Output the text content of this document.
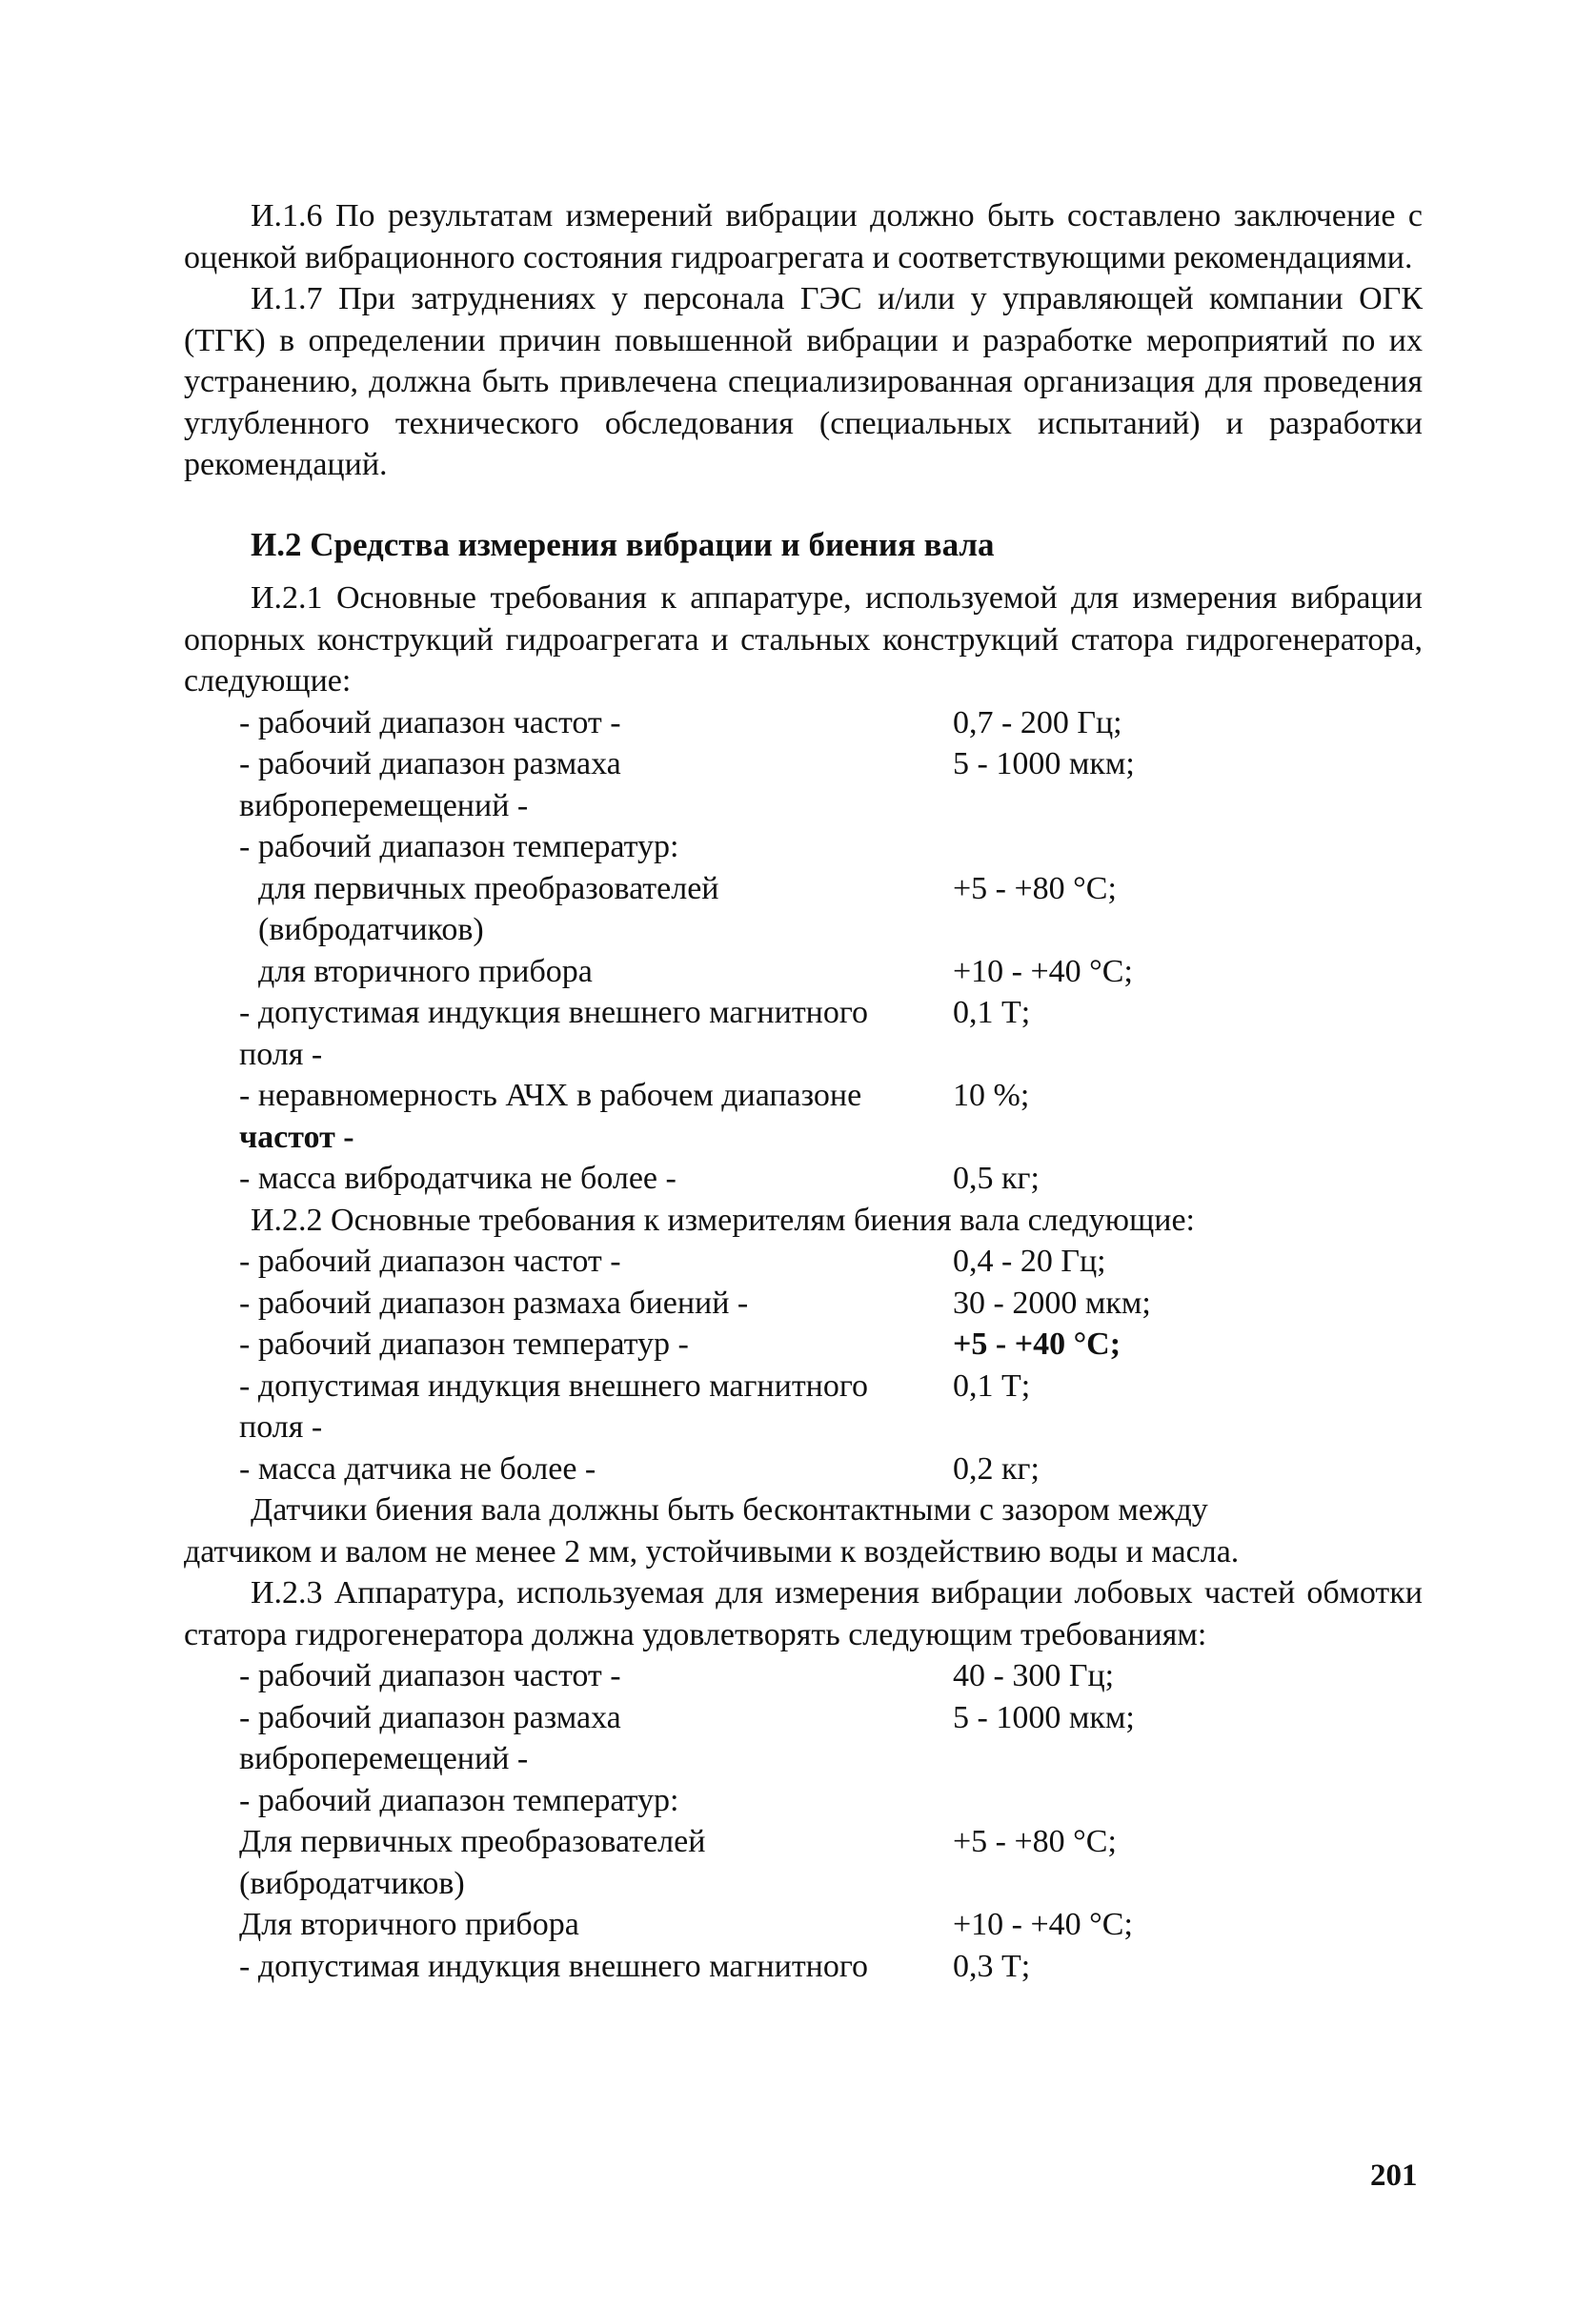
И.1.6 По результатам измерений вибрации должно быть составлено заключение с оценкой вибрационного состояния гидроагрегата и соответствующими рекомендациями.

И.1.7 При затруднениях у персонала ГЭС и/или у управляющей компании ОГК (ТГК) в определении причин повышенной вибрации и разработке мероприятий по их устранению, должна быть привлечена специализированная организация для проведения углубленного технического обследования (специальных испытаний) и разработки рекомендаций.

И.2 Средства измерения вибрации и биения вала

И.2.1 Основные требования к аппаратуре, используемой для измерения вибрации опорных конструкций гидроагрегата и стальных конструкций статора гидрогенератора, следующие:

- рабочий диапазон частот -	0,7 - 200 Гц;
- рабочий диапазон размаха	5 - 1000 мкм;
виброперемещений -
- рабочий диапазон температур:
для первичных преобразователей	+5 - +80 °С;
(вибродатчиков)
для вторичного прибора	+10 - +40 °С;
- допустимая индукция внешнего магнитного	0,1 Т;
поля -
- неравномерность АЧХ в рабочем диапазоне	10 %;
частот -
- масса вибродатчика не более -	0,5 кг;
И.2.2 Основные требования к измерителям биения вала следующие:
- рабочий диапазон частот -	0,4 - 20 Гц;
- рабочий диапазон размаха биений -	30 - 2000 мкм;
- рабочий диапазон температур -	+5 - +40 °С;
- допустимая индукция внешнего магнитного	0,1 Т;
поля -
- масса датчика не более -	0,2 кг;
Датчики биения вала должны быть бесконтактными с зазором между
датчиком и валом не менее 2 мм, устойчивыми к воздействию воды и масла.

И.2.3 Аппаратура, используемая для измерения вибрации лобовых частей обмотки статора гидрогенератора должна удовлетворять следующим требованиям:

- рабочий диапазон частот -	40 - 300 Гц;
- рабочий диапазон размаха	5 - 1000 мкм;
виброперемещений -
- рабочий диапазон температур:
Для первичных преобразователей	+5 - +80 °С;
(вибродатчиков)
Для вторичного прибора	+10 - +40 °С;
- допустимая индукция внешнего магнитного	0,3 Т;
201
